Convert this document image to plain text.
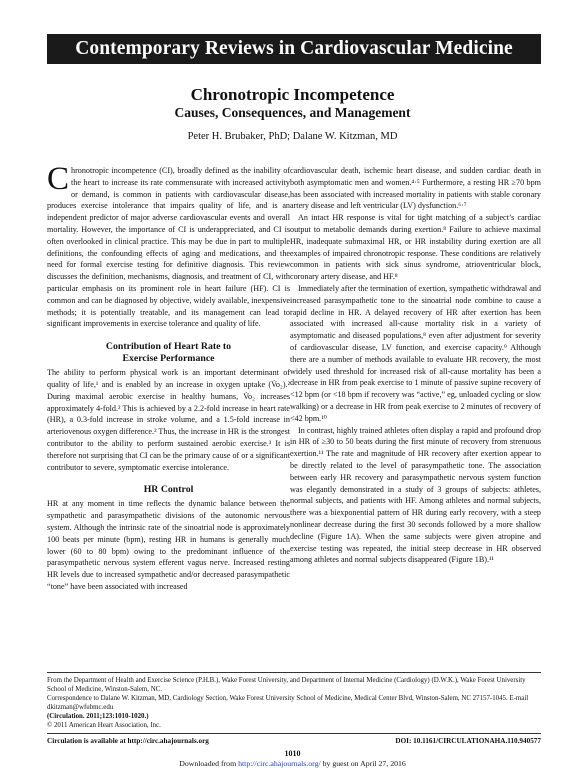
Contemporary Reviews in Cardiovascular Medicine
Chronotropic Incompetence
Causes, Consequences, and Management
Peter H. Brubaker, PhD; Dalane W. Kitzman, MD

Chronotropic incompetence (CI), broadly defined as the inability of the heart to increase its rate commensurate with increased activity or demand, is common in patients with cardiovascular disease, produces exercise intolerance that impairs quality of life, and is an independent predictor of major adverse cardiovascular events and overall mortality. However, the importance of CI is underappreciated, and CI is often overlooked in clinical practice. This may be due in part to multiple definitions, the confounding effects of aging and medications, and the need for formal exercise testing for definitive diagnosis. This review discusses the definition, mechanisms, diagnosis, and treatment of CI, with particular emphasis on its prominent role in heart failure (HF). CI is common and can be diagnosed by objective, widely available, inexpensive methods; it is potentially treatable, and its management can lead to significant improvements in exercise tolerance and quality of life.

Contribution of Heart Rate to
Exercise Performance

The ability to perform physical work is an important determinant of quality of life,¹ and is enabled by an increase in oxygen uptake (V̇o₂).² During maximal aerobic exercise in healthy humans, V̇o₂ increases approximately 4-fold.² This is achieved by a 2.2-fold increase in heart rate (HR), a 0.3-fold increase in stroke volume, and a 1.5-fold increase in arteriovenous oxygen difference.² Thus, the increase in HR is the strongest contributor to the ability to perform sustained aerobic exercise.³ It is therefore not surprising that CI can be the primary cause of or a significant contributor to severe, symptomatic exercise intolerance.

HR Control

HR at any moment in time reflects the dynamic balance between the sympathetic and parasympathetic divisions of the autonomic nervous system. Although the intrinsic rate of the sinoatrial node is approximately 100 beats per minute (bpm), resting HR in humans is generally much lower (60 to 80 bpm) owing to the predominant influence of the parasympathetic nervous system efferent vagus nerve. Increased resting HR levels due to increased sympathetic and/or decreased parasympathetic “tone” have been associated with increased

cardiovascular death, ischemic heart disease, and sudden cardiac death in both asymptomatic men and women.⁴·⁵ Furthermore, a resting HR ≥70 bpm has been associated with increased mortality in patients with stable coronary artery disease and left ventricular (LV) dysfunction.⁶·⁷

An intact HR response is vital for tight matching of a subject’s cardiac output to metabolic demands during exertion.⁸ Failure to achieve maximal HR, inadequate submaximal HR, or HR instability during exertion are all examples of impaired chronotropic response. These conditions are relatively common in patients with sick sinus syndrome, atrioventricular block, coronary artery disease, and HF.⁸

Immediately after the termination of exertion, sympathetic withdrawal and increased parasympathetic tone to the sinoatrial node combine to cause a rapid decline in HR. A delayed recovery of HR after exertion has been associated with increased all-cause mortality risk in a variety of asymptomatic and diseased populations,⁸ even after adjustment for severity of cardiovascular disease, LV function, and exercise capacity.⁹ Although there are a number of methods available to evaluate HR recovery, the most widely used threshold for increased risk of all-cause mortality has been a decrease in HR from peak exercise to 1 minute of passive supine recovery of <12 bpm (or <18 bpm if recovery was “active,” eg, unloaded cycling or slow walking) or a decrease in HR from peak exercise to 2 minutes of recovery of <42 bpm.¹⁰

In contrast, highly trained athletes often display a rapid and profound drop in HR of ≥30 to 50 beats during the first minute of recovery from strenuous exertion.¹¹ The rate and magnitude of HR recovery after exertion appear to be directly related to the level of parasympathetic tone. The association between early HR recovery and parasympathetic nervous system function was elegantly demonstrated in a study of 3 groups of subjects: athletes, normal subjects, and patients with HF. Among athletes and normal subjects, there was a biexponential pattern of HR during early recovery, with a steep nonlinear decrease during the first 30 seconds followed by a more shallow decline (Figure 1A). When the same subjects were given atropine and exercise testing was repeated, the initial steep decrease in HR observed among athletes and normal subjects disappeared (Figure 1B).¹¹

From the Department of Health and Exercise Science (P.H.B.), Wake Forest University, and Department of Internal Medicine (Cardiology) (D.W.K.), Wake Forest University School of Medicine, Winston-Salem, NC.
Correspondence to Dalane W. Kitzman, MD, Cardiology Section, Wake Forest University School of Medicine, Medical Center Blvd, Winston-Salem, NC 27157-1045. E-mail dkitzman@wfubmc.edu
(Circulation. 2011;123:1010-1020.)
© 2011 American Heart Association, Inc.
Circulation is available at http://circ.ahajournals.org	DOI: 10.1161/CIRCULATIONAHA.110.940577
Downloaded from http://circ.ahajournals.org/ by guest on April 27, 2016
1010
